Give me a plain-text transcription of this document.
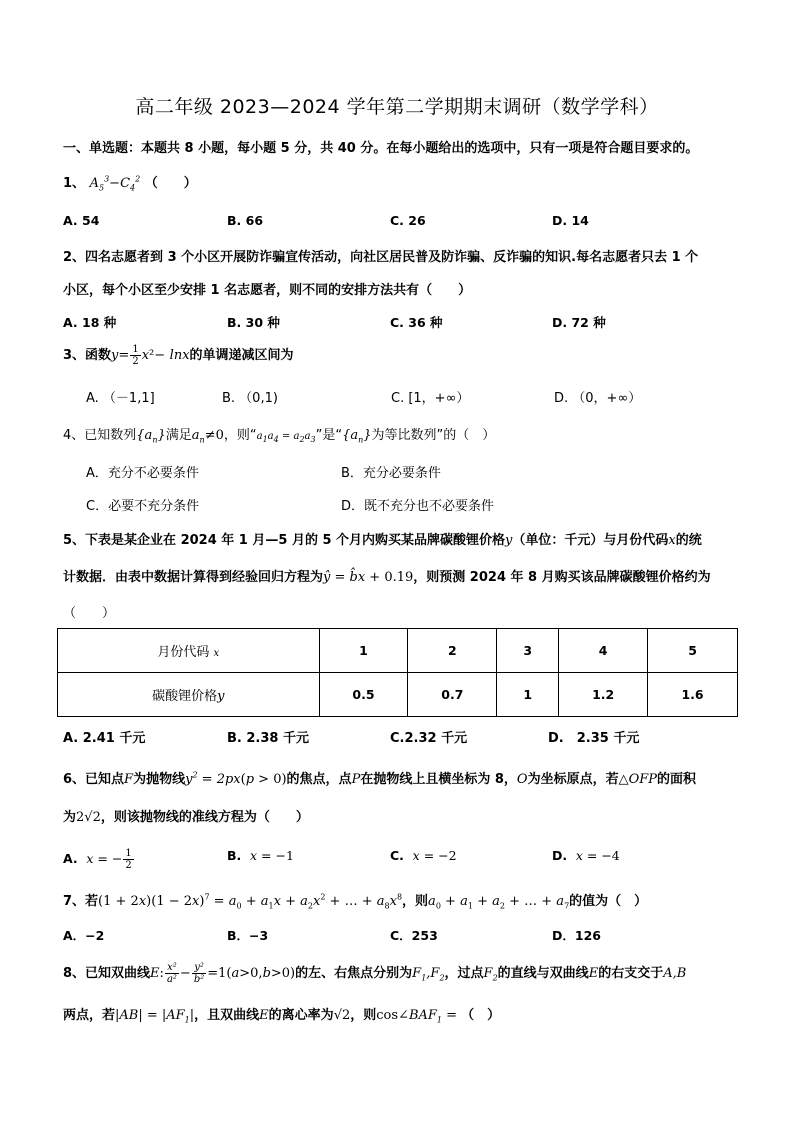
高二年级 2023—2024 学年第二学期期末调研（数学学科）
一、单选题：本题共 8 小题，每小题 5 分，共 40 分。在每小题给出的选项中，只有一项是符合题目要求的。
1、 $A_5^3-C_4^2$ （　　）
A. 54	B. 66	C. 26	D. 14
2、四名志愿者到 3 个小区开展防诈骗宣传活动，向社区居民普及防诈骗、反诈骗的知识.每名志愿者只去 1 个
小区，每个小区至少安排 1 名志愿者，则不同的安排方法共有（　　）
A. 18 种	B. 30 种	C. 36 种	D. 72 种
3、函数$y= \frac{1}{2} x^2- \ln x$的单调递减区间为
A. （－1,1]	B. （0,1)	C. [1，+∞）	D. （0，+∞）
4、已知数列$\{a_n\}$满足$a_n\ne 0$，则“$a_1a_4 = a_2a_3$”是“$\{a_n\}$为等比数列”的（　）
A．充分不必要条件	B．充分必要条件
C．必要不充分条件	D．既不充分也不必要条件
5、下表是某企业在 2024 年 1 月—5 月的 5 个月内购买某品牌碳酸锂价格y（单位：千元）与月份代码x的统
计数据．由表中数据计算得到经验回归方程为ŷ = b̂x + 0.19，则预测 2024 年 8 月购买该品牌碳酸锂价格约为
（　　）
月份代码 x	1	2	3	4	5
碳酸锂价格y	0.5	0.7	1	1.2	1.6
A. 2.41 千元	B. 2.38 千元	C.2.32 千元	D.　2.35 千元
6、已知点F为抛物线$y^2 = 2px(p > 0)$的焦点，点P在抛物线上且横坐标为 8，O为坐标原点，若△OFP的面积
为2√2，则该抛物线的准线方程为（　　）
A. x = − $\frac{1}{2}$	B. x = −1	C. x = −2	D. x = −4
7、若$(1 + 2x)(1 - 2x)^7 = a_0 + a_1x + a_2x^2$ + … + $a_8x^8$，则$a_0 + a_1 + a_2$ + … + $a_7$的值为（　）
A．−2	B．−3	C．253	D．126
8、已知双曲线E: $\frac{\text{x²}}{\text{a²}} - \frac{\text{y²}}{\text{b²}} =1(a>0,b>0)$的左、右焦点分别为$F_1,F_2$，过点$F_2$的直线与双曲线E的右支交于A,B
两点，若$|AB| = |AF_1|$，且双曲线E的离心率为√2，则$\cos\angle BAF_1$ = （　）
